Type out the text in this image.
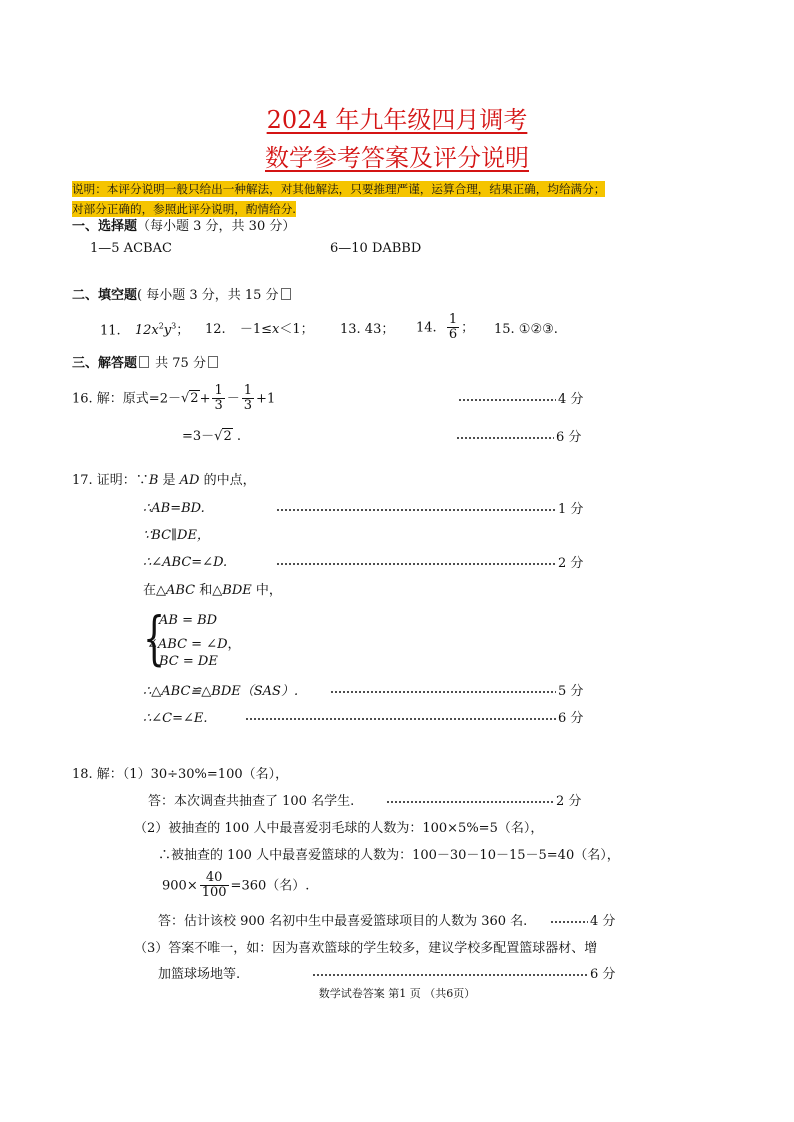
2024 年九年级四月调考
数学参考答案及评分说明
说明：本评分说明一般只给出一种解法，对其他解法，只要推理严谨，运算合理，结果正确，均给满分；
对部分正确的，参照此评分说明，酌情给分.
一、选择题（每小题 3 分，共 30 分）
1—5 ACBAC	6—10 DABBD
二、填空题( 每小题 3 分，共 15 分
11. $12x^2y^3$； 12. －1≤x＜1； 13. 43； 14. $\frac{1}{6}$ ； 15. ①②③.
三、解答题 共 75 分
16. 解：原式$=2-√2+ \frac{1}{3} - \frac{1}{3} +1$	4 分
=3－√2 .	6 分
17. 证明：∵B 是 AD 的中点，
∴AB=BD.	1 分
∵BC∥DE，
∴∠ABC=∠D.	2 分
在△ABC 和△BDE 中，
{
AB = BD
∠ABC = ∠D，
BC = DE
∴△ABC≌△BDE（SAS）.	5 分
∴∠C=∠E.	6 分
18. 解：（1）30÷30%=100（名），
答：本次调查共抽查了 100 名学生.	2 分
（2）被抽查的 100 人中最喜爱羽毛球的人数为：100×5%=5（名），
∴被抽查的 100 人中最喜爱篮球的人数为：100－30－10－15－5=40（名），
$900\times \frac{40}{100} =360$（名）.
答：估计该校 900 名初中生中最喜爱篮球项目的人数为 360 名.	4 分
（3）答案不唯一，如：因为喜欢篮球的学生较多，建议学校多配置篮球器材、增
加篮球场地等.	6 分
数学试卷答案 第1 页 （共6页）
